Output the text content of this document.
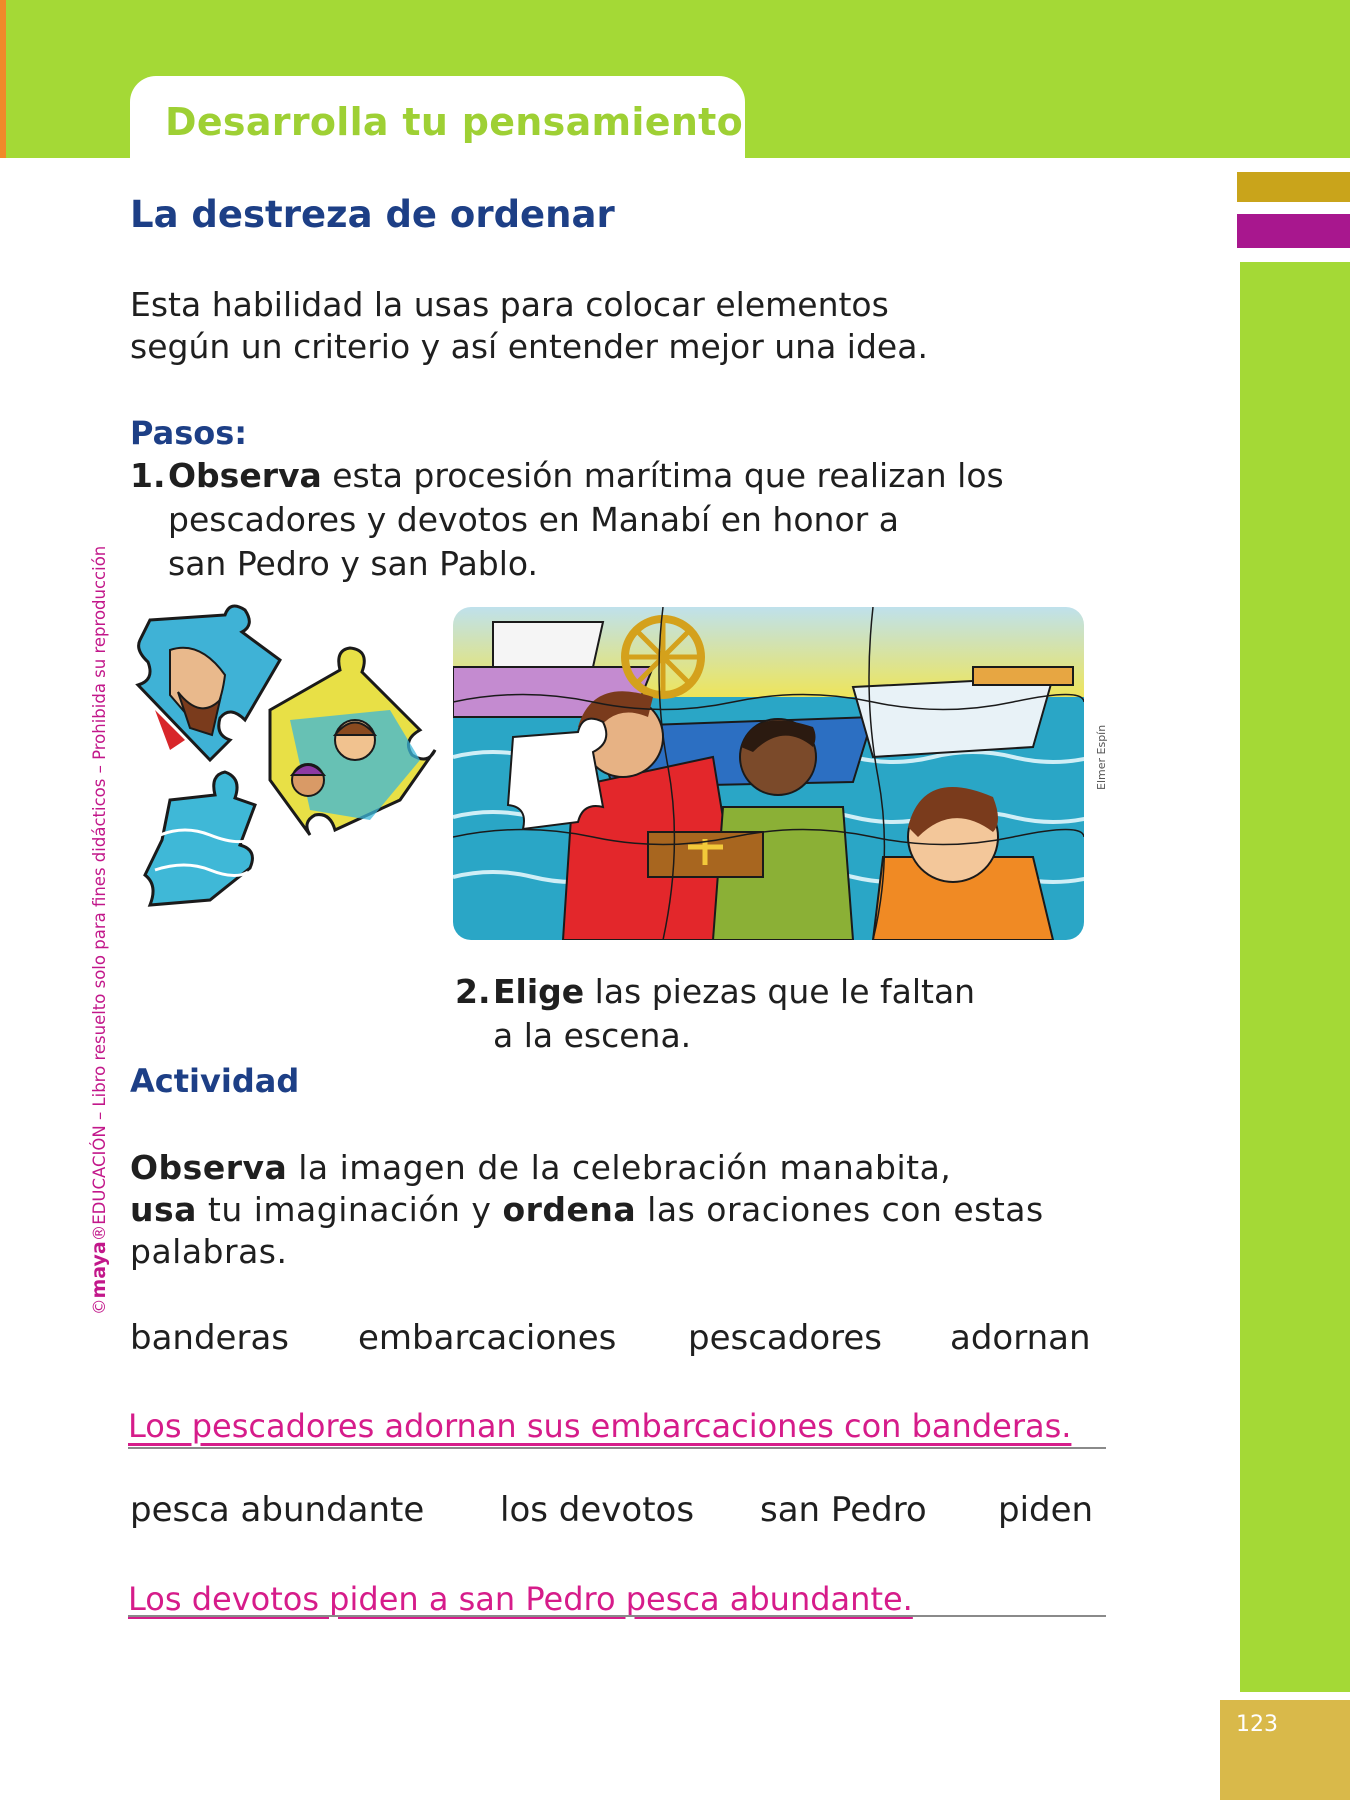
Desarrolla tu pensamiento
123
©maya®EDUCACIÓN – Libro resuelto solo para fines didácticos – Prohibida su reproducción
La destreza de ordenar
Esta habilidad la usas para colocar elementos
según un criterio y así entender mejor una idea.
Pasos:
1. Observa esta procesión marítima que realizan los
pescadores y devotos en Manabí en honor a
san Pedro y san Pablo.
Elmer Espín
2. Elige las piezas que le faltan
a la escena.
Actividad
Observa la imagen de la celebración manabita,
usa tu imaginación y ordena las oraciones con estas
palabras.
banderas embarcaciones pescadores adornan
Los pescadores adornan sus embarcaciones con banderas.
pesca abundante los devotos san Pedro piden
Los devotos piden a san Pedro pesca abundante.
